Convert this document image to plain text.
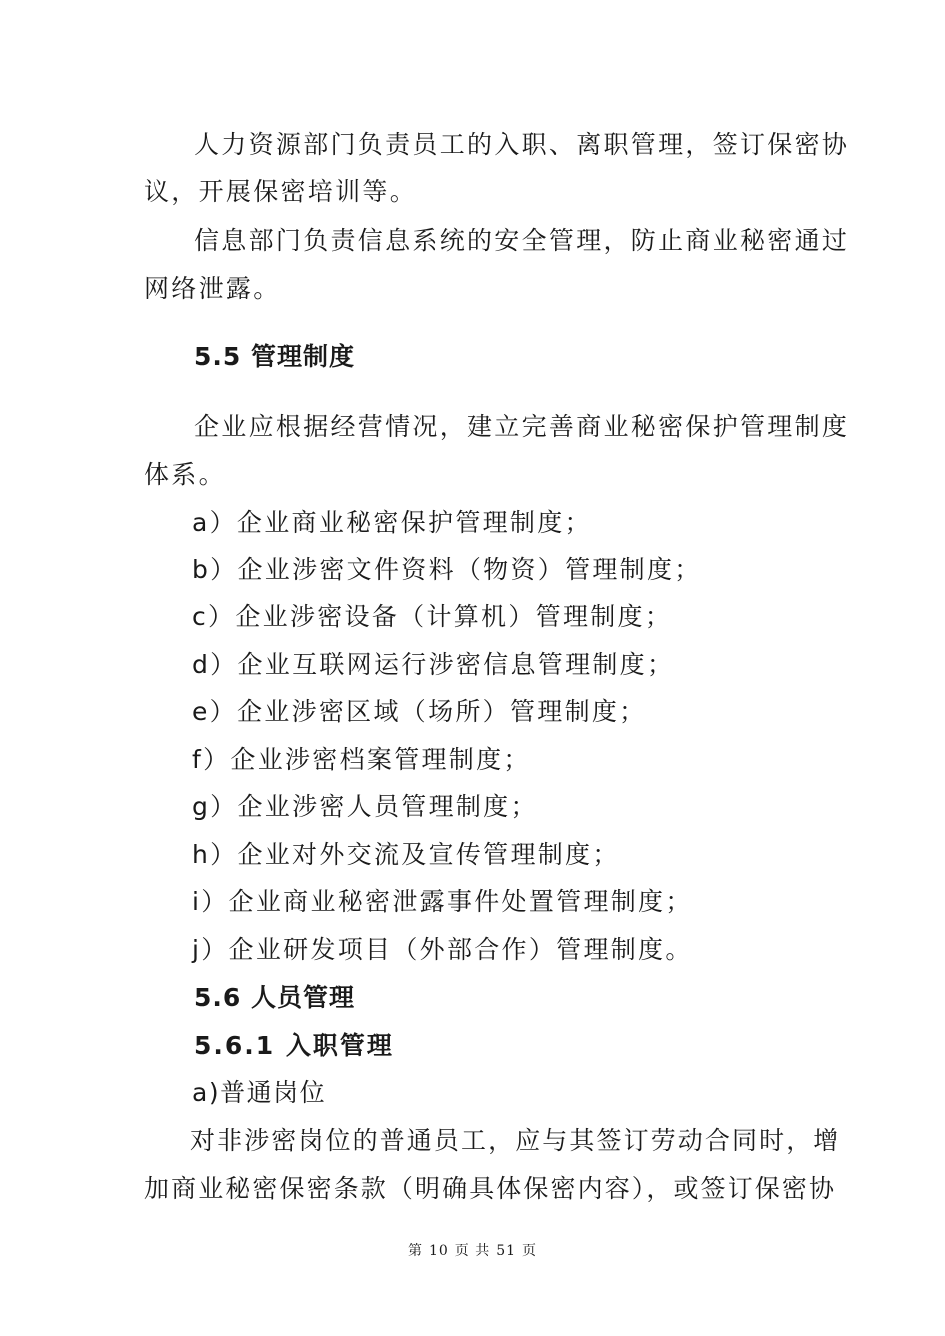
人力资源部门负责员工的入职、离职管理，签订保密协
议，开展保密培训等。
信息部门负责信息系统的安全管理，防止商业秘密通过
网络泄露。
5.5 管理制度
企业应根据经营情况，建立完善商业秘密保护管理制度
体系。
a）企业商业秘密保护管理制度；
b）企业涉密文件资料（物资）管理制度；
c）企业涉密设备（计算机）管理制度；
d）企业互联网运行涉密信息管理制度；
e）企业涉密区域（场所）管理制度；
f）企业涉密档案管理制度；
g）企业涉密人员管理制度；
h）企业对外交流及宣传管理制度；
i）企业商业秘密泄露事件处置管理制度；
j）企业研发项目（外部合作）管理制度。
5.6 人员管理
5.6.1 入职管理
a)普通岗位
对非涉密岗位的普通员工，应与其签订劳动合同时，增
加商业秘密保密条款（明确具体保密内容），或签订保密协
第 10 页 共 51 页
